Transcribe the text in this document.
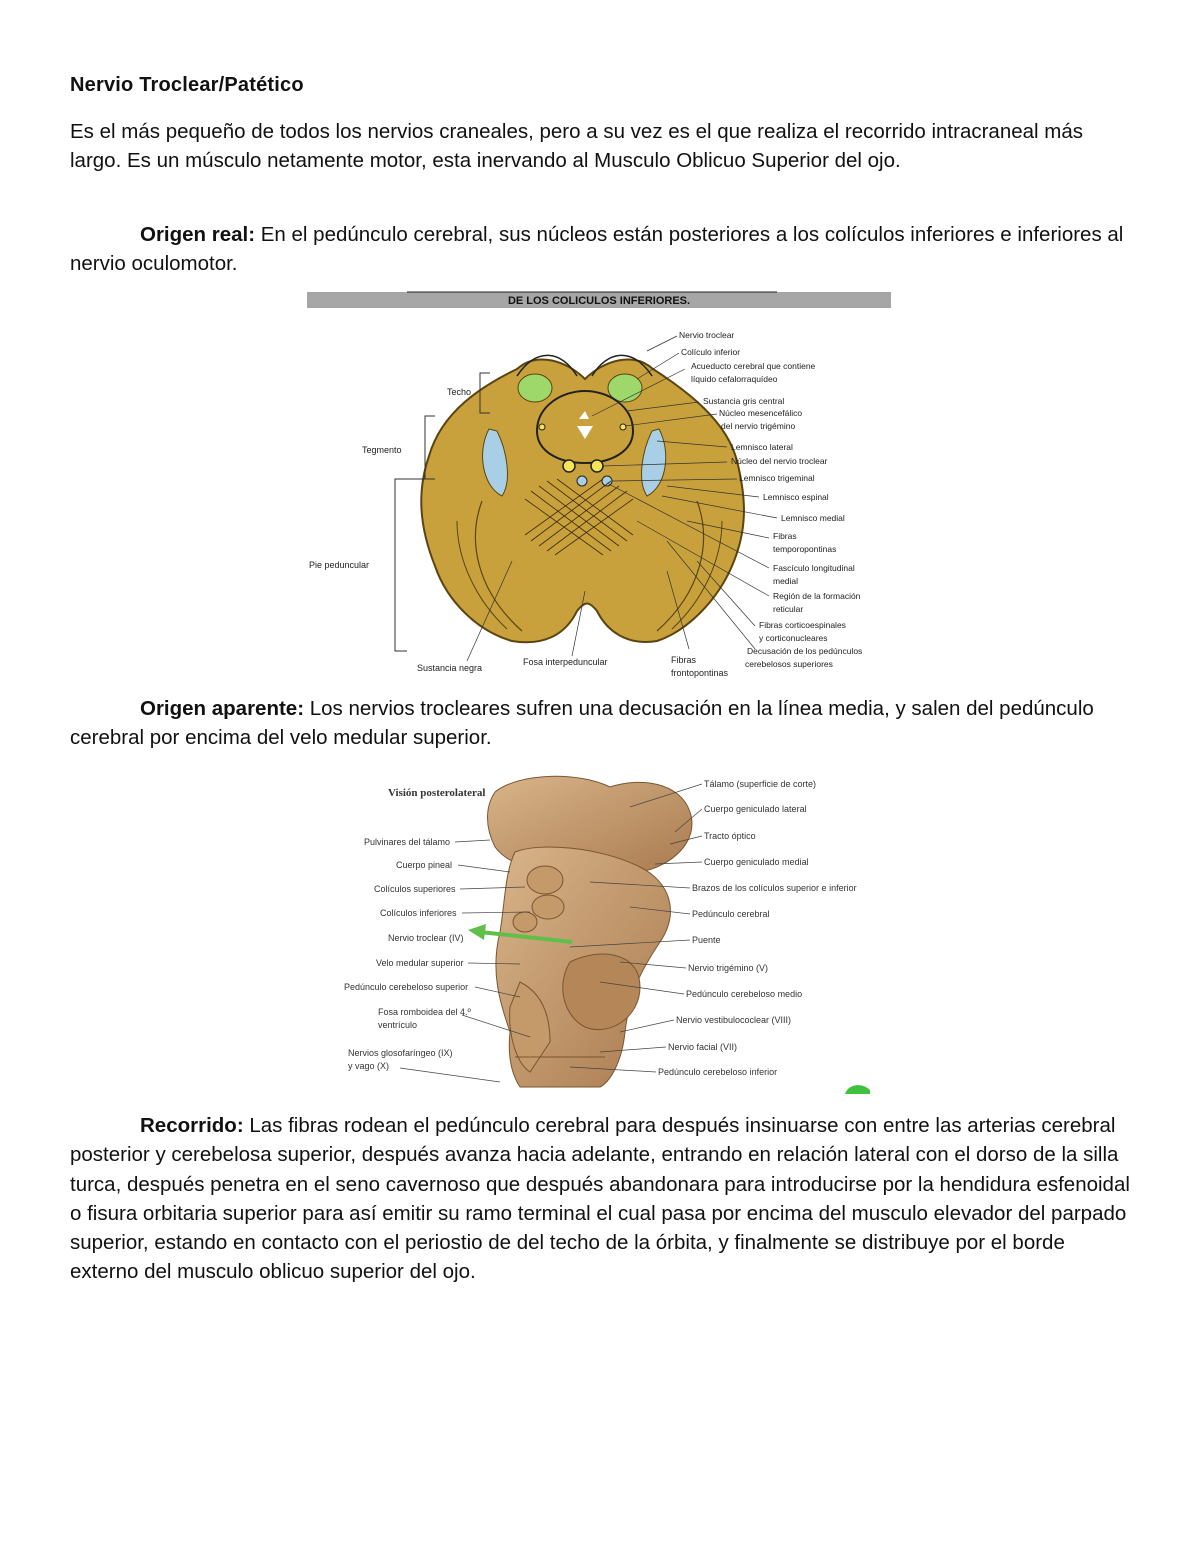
Nervio Troclear/Patético

Es el más pequeño de todos los nervios craneales, pero a su vez es el que realiza el recorrido intracraneal más largo. Es un músculo netamente motor, esta inervando al Musculo Oblicuo Superior del ojo.

Origen real: En el pedúnculo cerebral, sus núcleos están posteriores a los colículos inferiores e inferiores al nervio oculomotor.

DE LOS COLICULOS INFERIORES.
Techo
Tegmento
Pie peduncular
Nervio troclear
Colículo inferior
Acueducto cerebral que contiene
líquido cefalorraquídeo
Sustancia gris central
Núcleo mesencefálico
del nervio trigémino
Lemnisco lateral
Núcleo del nervio troclear
Lemnisco trigeminal
Lemnisco espinal
Lemnisco medial
Fibras
temporopontinas
Fascículo longitudinal
medial
Región de la formación
reticular
Fibras corticoespinales
y corticonucleares
Decusación de los pedúnculos
cerebelosos superiores
Sustancia negra
Fosa interpeduncular	Fibras
frontopontinas

Origen aparente: Los nervios trocleares sufren una decusación en la línea media, y salen del pedúnculo cerebral por encima del velo medular superior.

Visión posterolateral
Pulvinares del tálamo
Cuerpo pineal
Colículos superiores
Colículos inferiores
Nervio troclear (IV)
Velo medular superior
Pedúnculo cerebeloso superior
Fosa romboidea del 4.º
ventrículo
Nervios glosofaríngeo (IX)
y vago (X)
Tálamo (superficie de corte)
Cuerpo geniculado lateral
Tracto óptico
Cuerpo geniculado medial
Brazos de los colículos superior e inferior
Pedúnculo cerebral
Puente
Nervio trigémino (V)
Pedúnculo cerebeloso medio
Nervio vestibulococlear (VIII)
Nervio facial (VII)
Pedúnculo cerebeloso inferior

Recorrido: Las fibras rodean el pedúnculo cerebral para después insinuarse con entre las arterias cerebral posterior y cerebelosa superior, después avanza hacia adelante, entrando en relación lateral con el dorso de la silla turca, después penetra en el seno cavernoso que después abandonara para introducirse por la hendidura esfenoidal o fisura orbitaria superior para así emitir su ramo terminal el cual pasa por encima del musculo elevador del parpado superior, estando en contacto con el periostio de del techo de la órbita, y finalmente se distribuye por el borde externo del musculo oblicuo superior del ojo.
